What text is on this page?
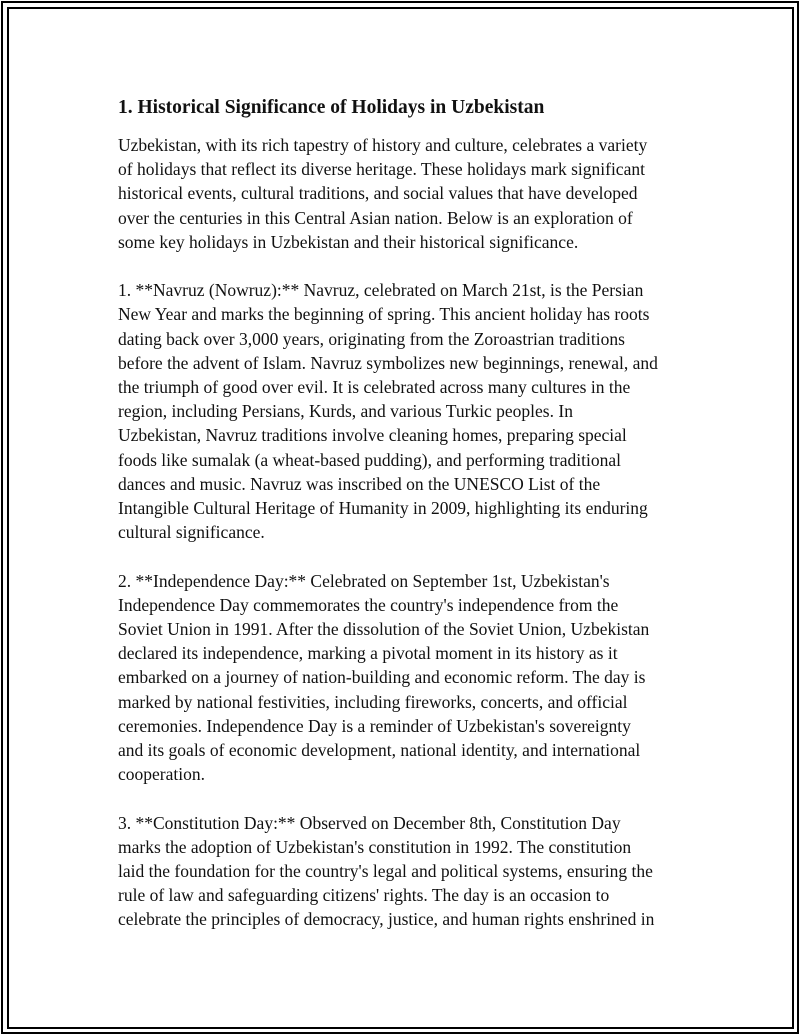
1. Historical Significance of Holidays in Uzbekistan

Uzbekistan, with its rich tapestry of history and culture, celebrates a variety
of holidays that reflect its diverse heritage. These holidays mark significant
historical events, cultural traditions, and social values that have developed
over the centuries in this Central Asian nation. Below is an exploration of
some key holidays in Uzbekistan and their historical significance.

1. **Navruz (Nowruz):** Navruz, celebrated on March 21st, is the Persian
New Year and marks the beginning of spring. This ancient holiday has roots
dating back over 3,000 years, originating from the Zoroastrian traditions
before the advent of Islam. Navruz symbolizes new beginnings, renewal, and
the triumph of good over evil. It is celebrated across many cultures in the
region, including Persians, Kurds, and various Turkic peoples. In
Uzbekistan, Navruz traditions involve cleaning homes, preparing special
foods like sumalak (a wheat-based pudding), and performing traditional
dances and music. Navruz was inscribed on the UNESCO List of the
Intangible Cultural Heritage of Humanity in 2009, highlighting its enduring
cultural significance.

2. **Independence Day:** Celebrated on September 1st, Uzbekistan's
Independence Day commemorates the country's independence from the
Soviet Union in 1991. After the dissolution of the Soviet Union, Uzbekistan
declared its independence, marking a pivotal moment in its history as it
embarked on a journey of nation-building and economic reform. The day is
marked by national festivities, including fireworks, concerts, and official
ceremonies. Independence Day is a reminder of Uzbekistan's sovereignty
and its goals of economic development, national identity, and international
cooperation.

3. **Constitution Day:** Observed on December 8th, Constitution Day
marks the adoption of Uzbekistan's constitution in 1992. The constitution
laid the foundation for the country's legal and political systems, ensuring the
rule of law and safeguarding citizens' rights. The day is an occasion to
celebrate the principles of democracy, justice, and human rights enshrined in
